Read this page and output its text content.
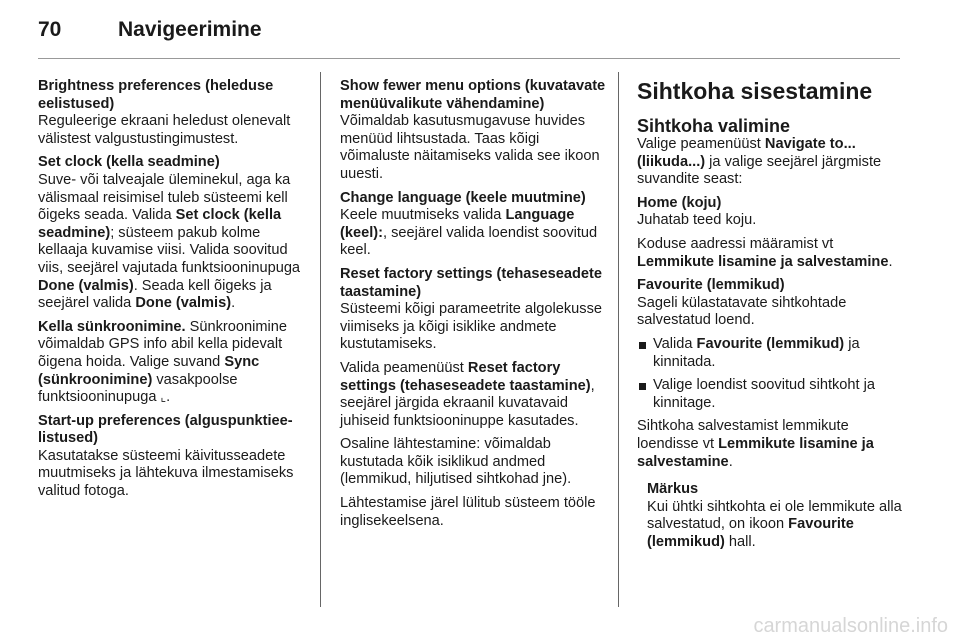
70	Navigeerimine
Brightness preferences (heleduse eelistused)
Reguleerige ekraani heledust olenevalt välistest valgustustingimustest.
Set clock (kella seadmine)
Suve- või talveajale üleminekul, aga ka välismaal reisimisel tuleb süsteemi kell õigeks seada. Valida Set clock (kella seadmine); süsteem pakub kolme kellaaja kuvamise viisi. Valida soovitud viis, seejärel vajutada funktsiooninupuga Done (valmis). Seada kell õigeks ja seejärel valida Done (valmis).
Kella sünkroonimine. Sünkroonimine võimaldab GPS info abil kella pidevalt õigena hoida. Valige suvand Sync (sünkroonimine) vasakpoolse funktsiooninupuga ⌞.
Start-up preferences (alguspunktiee- listused)
Kasutatakse süsteemi käivitusseadete muutmiseks ja lähtekuva ilmestamiseks valitud fotoga.
Show fewer menu options (kuvatavate menüüvalikute vähendamine)
Võimaldab kasutusmugavuse huvides menüüd lihtsustada. Taas kõigi võimaluste näitamiseks valida see ikoon uuesti.
Change language (keele muutmine)
Keele muutmiseks valida Language (keel):, seejärel valida loendist soovitud keel.
Reset factory settings (tehaseseadete taastamine)

Süsteemi kõigi parameetrite algolekusse viimiseks ja kõigi isiklike andmete kustutamiseks.

Valida peamenüüst Reset factory settings (tehaseseadete taastamine), seejärel järgida ekraanil kuvatavaid juhiseid funktsiooninuppe kasutades.

Osaline lähtestamine: võimaldab kustutada kõik isiklikud andmed (lemmikud, hiljutised sihtkohad jne).

Lähtestamise järel lülitub süsteem tööle inglisekeelsena.

Sihtkoha sisestamine
Sihtkoha valimine

Valige peamenüüst Navigate to... (liikuda...) ja valige seejärel järgmiste suvandite seast:

Home (koju)

Juhatab teed koju.

Koduse aadressi määramist vt Lemmikute lisamine ja salvestamine.

Favourite (lemmikud)

Sageli külastatavate sihtkohtade salvestatud loend.

Valida Favourite (lemmikud) ja kinnitada.
Valige loendist soovitud sihtkoht ja kinnitage.

Sihtkoha salvestamist lemmikute loendisse vt Lemmikute lisamine ja salvestamine.

Märkus
Kui ühtki sihtkohta ei ole lemmikute alla salvestatud, on ikoon Favourite (lemmikud) hall.
carmanualsonline.info
